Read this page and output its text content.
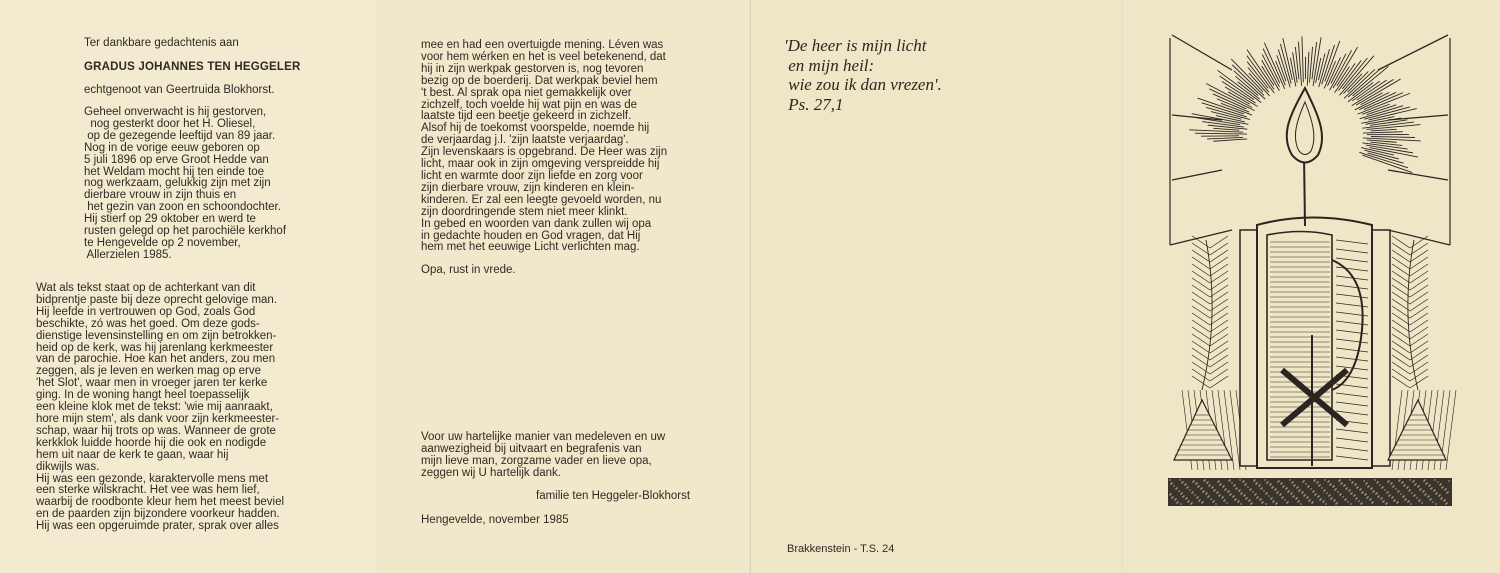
Ter dankbare gedachtenis aan

GRADUS JOHANNES TEN HEGGELER

echtgenoot van Geertruida Blokhorst.

Geheel onverwacht is hij gestorven,
nog gesterkt door het H. Oliesel,
op de gezegende leeftijd van 89 jaar.
Nog in de vorige eeuw geboren op
5 juli 1896 op erve Groot Hedde van
het Weldam mocht hij ten einde toe
nog werkzaam, gelukkig zijn met zijn
dierbare vrouw in zijn thuis en
het gezin van zoon en schoondochter.
Hij stierf op 29 oktober en werd te
rusten gelegd op het parochiële kerkhof
te Hengevelde op 2 november,
Allerzielen 1985.

Wat als tekst staat op de achterkant van dit
bidprentje paste bij deze oprecht gelovige man.
Hij leefde in vertrouwen op God, zoals God
beschikte, zó was het goed. Om deze gods-
dienstige levensinstelling en om zijn betrokken-
heid op de kerk, was hij jarenlang kerkmeester
van de parochie. Hoe kan het anders, zou men
zeggen, als je leven en werken mag op erve
'het Slot', waar men in vroeger jaren ter kerke
ging. In de woning hangt heel toepasselijk
een kleine klok met de tekst: 'wie mij aanraakt,
hore mijn stem', als dank voor zijn kerkmeester-
schap, waar hij trots op was. Wanneer de grote
kerkklok luidde hoorde hij die ook en nodigde
hem uit naar de kerk te gaan, waar hij
dikwijls was.
Hij was een gezonde, karaktervolle mens met
een sterke wilskracht. Het vee was hem lief,
waarbij de roodbonte kleur hem het meest beviel
en de paarden zijn bijzondere voorkeur hadden.
Hij was een opgeruimde prater, sprak over alles

mee en had een overtuigde mening. Léven was
voor hem wérken en het is veel betekenend, dat
hij in zijn werkpak gestorven is, nog tevoren
bezig op de boerderij. Dat werkpak beviel hem
't best. Al sprak opa niet gemakkelijk over
zichzelf, toch voelde hij wat pijn en was de
laatste tijd een beetje gekeerd in zichzelf.
Alsof hij de toekomst voorspelde, noemde hij
de verjaardag j.l. 'zijn laatste verjaardag'.
Zijn levenskaars is opgebrand. De Heer was zijn
licht, maar ook in zijn omgeving verspreidde hij
licht en warmte door zijn liefde en zorg voor
zijn dierbare vrouw, zijn kinderen en klein-
kinderen. Er zal een leegte gevoeld worden, nu
zijn doordringende stem niet meer klinkt.
In gebed en woorden van dank zullen wij opa
in gedachte houden en God vragen, dat Hij
hem met het eeuwige Licht verlichten mag.

Opa, rust in vrede.

Voor uw hartelijke manier van medeleven en uw
aanwezigheid bij uitvaart en begrafenis van
mijn lieve man, zorgzame vader en lieve opa,
zeggen wij U hartelijk dank.

familie ten Heggeler-Blokhorst

Hengevelde, november 1985

'De heer is mijn licht
en mijn heil:
wie zou ik dan vrezen'.
Ps. 27,1

Brakkenstein - T.S. 24
